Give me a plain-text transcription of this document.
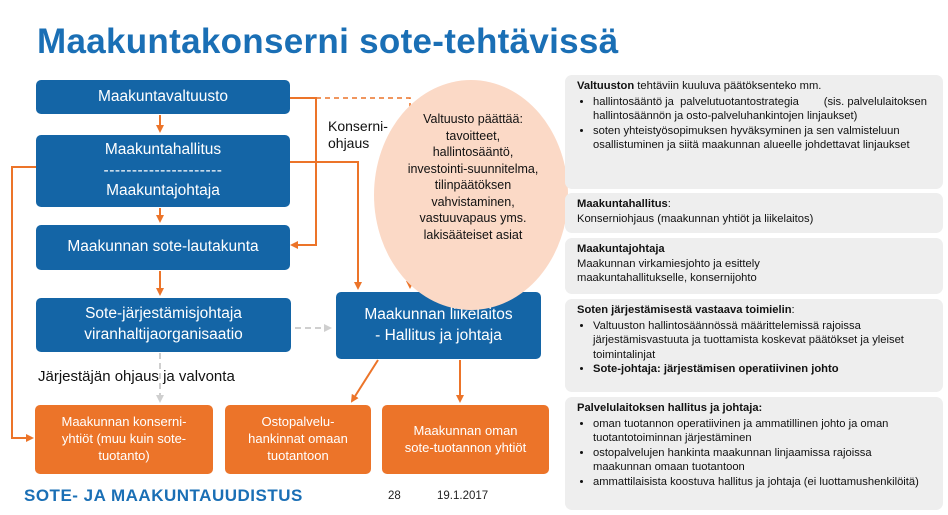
Maakuntakonserni sote-tehtävissä
Maakuntavaltuusto
Maakuntahallitus
---------------------
Maakuntajohtaja
Maakunnan sote-lautakunta
Sote-järjestämisjohtaja
viranhaltijaorganisaatio
Maakunnan liikelaitos
- Hallitus ja johtaja
Valtuusto päättää: tavoitteet, hallintosääntö, investointi-suunnitelma, tilinpäätöksen vahvistaminen, vastuuvapaus yms. lakisääteiset asiat
Konserni-
ohjaus
Järjestäjän ohjaus ja valvonta
Maakunnan konserni-yhtiöt (muu kuin sote-tuotanto)
Ostopalvelu-hankinnat omaan tuotantoon
Maakunnan oman sote-tuotannon yhtiöt
Valtuuston tehtäviin kuuluva päätöksenteko mm.
• hallintosääntö ja  palvelutuotantostrategia        (sis. palvelulaitoksen hallintosäännön ja osto-palveluhankintojen linjaukset)
• soten yhteistyösopimuksen hyväksyminen ja sen valmisteluun osallistuminen ja siitä maakunnan alueelle johdettavat linjaukset
Maakuntahallitus:
Konserniohjaus (maakunnan yhtiöt ja liikelaitos)
Maakuntajohtaja
Maakunnan virkamiesjohto ja esittely maakuntahallitukselle, konsernijohto
Soten järjestämisestä vastaava toimielin:
• Valtuuston hallintosäännössä määrittelemissä rajoissa järjestämisvastuuta ja tuottamista koskevat päätökset ja yleiset toimintalinjat
• Sote-johtaja: järjestämisen operatiivinen johto
Palvelulaitoksen hallitus ja johtaja:
• oman tuotannon operatiivinen ja ammatillinen johto ja oman tuotantotoiminnan järjestäminen
• ostopalvelujen hankinta maakunnan linjaamissa rajoissa maakunnan omaan tuotantoon
• ammattilaisista koostuva hallitus ja johtaja (ei luottamushenkilöitä)
SOTE- JA MAAKUNTAUUDISTUS	28	19.1.2017
